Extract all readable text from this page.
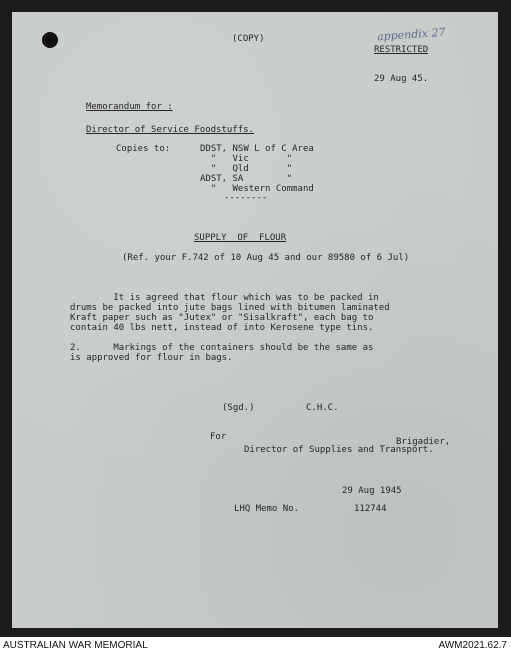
(COPY)	appendix 27
RESTRICTED
29 Aug 45.
Memorandum for :
Director of Service Foodstuffs.
Copies to:	DDST, NSW L of C Area
"   Vic       "
"   Qld       "
ADST, SA        "
"   Western Command
--------
SUPPLY  OF  FLOUR
(Ref. your F.742 of 10 Aug 45 and our 89580 of 6 Jul)
It is agreed that flour which was to be packed in
drums be packed into jute bags lined with bitumen laminated
Kraft paper such as "Jutex" or "Sisalkraft", each bag to
contain 40 lbs nett, instead of into Kerosene type tins.
2.      Markings of the containers should be the same as
is approved for flour in bags.
(Sgd.)	C.H.C.
For	Brigadier,
Director of Supplies and Transport.
29 Aug 1945
LHQ Memo No.	112744
AUSTRALIAN WAR MEMORIAL	AWM2021.62.7
